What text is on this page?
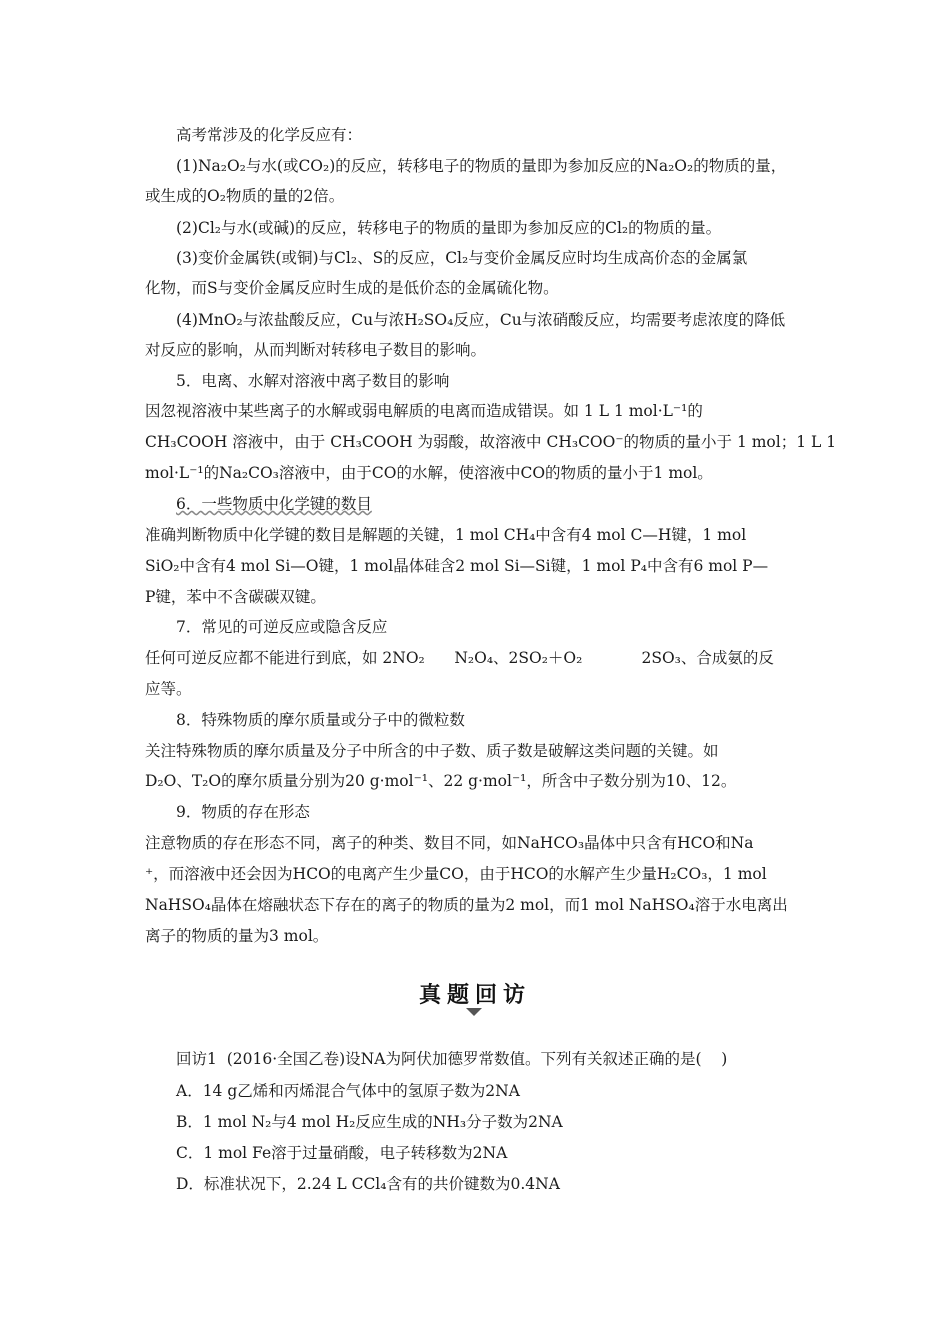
高考常涉及的化学反应有：
(1)Na₂O₂与水(或CO₂)的反应，转移电子的物质的量即为参加反应的Na₂O₂的物质的量，
或生成的O₂物质的量的2倍。
(2)Cl₂与水(或碱)的反应，转移电子的物质的量即为参加反应的Cl₂的物质的量。
(3)变价金属铁(或铜)与Cl₂、S的反应，Cl₂与变价金属反应时均生成高价态的金属氯
化物，而S与变价金属反应时生成的是低价态的金属硫化物。
(4)MnO₂与浓盐酸反应，Cu与浓H₂SO₄反应，Cu与浓硝酸反应，均需要考虑浓度的降低
对反应的影响，从而判断对转移电子数目的影响。
5．电离、水解对溶液中离子数目的影响
因忽视溶液中某些离子的水解或弱电解质的电离而造成错误。如 1 L 1 mol·L⁻¹的
CH₃COOH 溶液中，由于 CH₃COOH 为弱酸，故溶液中 CH₃COO⁻的物质的量小于 1 mol；1 L 1
mol·L⁻¹的Na₂CO₃溶液中，由于CO的水解，使溶液中CO的物质的量小于1 mol。
6．一些物质中化学键的数目
准确判断物质中化学键的数目是解题的关键，1 mol CH₄中含有4 mol C—H键，1 mol
SiO₂中含有4 mol Si—O键，1 mol晶体硅含2 mol Si—Si键，1 mol P₄中含有6 mol P—
P键，苯中不含碳碳双键。
7．常见的可逆反应或隐含反应
任何可逆反应都不能进行到底，如 2NO₂      N₂O₄、2SO₂＋O₂            2SO₃、合成氨的反
应等。
8．特殊物质的摩尔质量或分子中的微粒数
关注特殊物质的摩尔质量及分子中所含的中子数、质子数是破解这类问题的关键。如
D₂O、T₂O的摩尔质量分别为20 g·mol⁻¹、22 g·mol⁻¹，所含中子数分别为10、12。
9．物质的存在形态
注意物质的存在形态不同，离子的种类、数目不同，如NaHCO₃晶体中只含有HCO和Na
⁺，而溶液中还会因为HCO的电离产生少量CO，由于HCO的水解产生少量H₂CO₃，1 mol
NaHSO₄晶体在熔融状态下存在的离子的物质的量为2 mol，而1 mol NaHSO₄溶于水电离出
离子的物质的量为3 mol。
真题回访
回访1  (2016·全国乙卷)设NA为阿伏加德罗常数值。下列有关叙述正确的是(    )
A．14 g乙烯和丙烯混合气体中的氢原子数为2NA
B．1 mol N₂与4 mol H₂反应生成的NH₃分子数为2NA
C．1 mol Fe溶于过量硝酸，电子转移数为2NA
D．标准状况下，2.24 L CCl₄含有的共价键数为0.4NA
